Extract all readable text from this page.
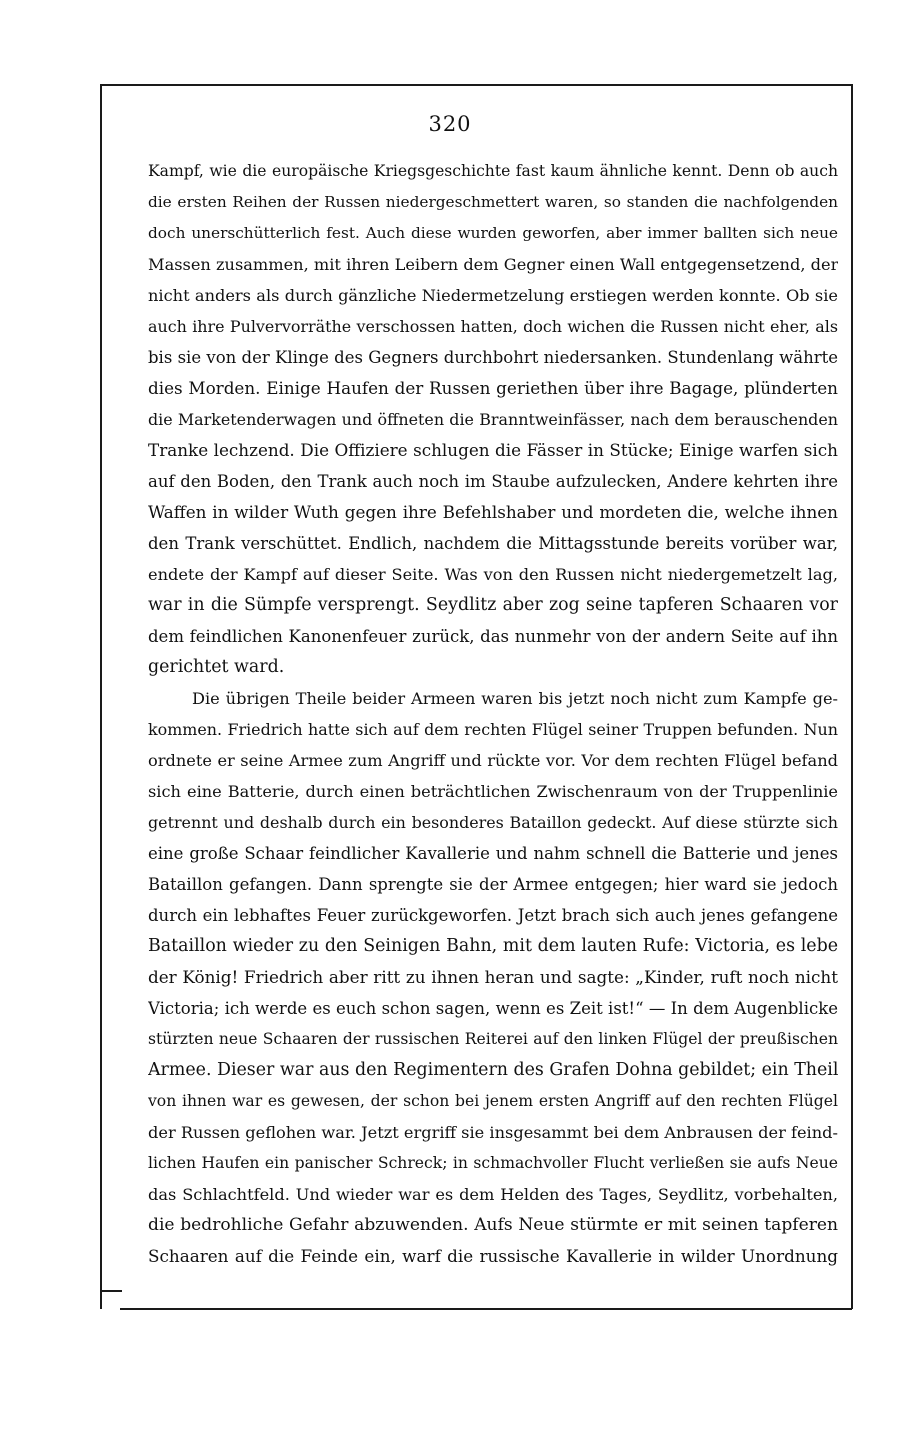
320
Kampf, wie die europäische Kriegsgeschichte fast kaum ähnliche kennt. Denn ob auch
die ersten Reihen der Russen niedergeschmettert waren, so standen die nachfolgenden
doch unerschütterlich fest. Auch diese wurden geworfen, aber immer ballten sich neue
Massen zusammen, mit ihren Leibern dem Gegner einen Wall entgegensetzend, der
nicht anders als durch gänzliche Niedermetzelung erstiegen werden konnte. Ob sie
auch ihre Pulvervorräthe verschossen hatten, doch wichen die Russen nicht eher, als
bis sie von der Klinge des Gegners durchbohrt niedersanken. Stundenlang währte
dies Morden. Einige Haufen der Russen geriethen über ihre Bagage, plünderten
die Marketenderwagen und öffneten die Branntweinfässer, nach dem berauschenden
Tranke lechzend. Die Offiziere schlugen die Fässer in Stücke; Einige warfen sich
auf den Boden, den Trank auch noch im Staube aufzulecken, Andere kehrten ihre
Waffen in wilder Wuth gegen ihre Befehlshaber und mordeten die, welche ihnen
den Trank verschüttet. Endlich, nachdem die Mittagsstunde bereits vorüber war,
endete der Kampf auf dieser Seite. Was von den Russen nicht niedergemetzelt lag,
war in die Sümpfe versprengt. Seydlitz aber zog seine tapferen Schaaren vor
dem feindlichen Kanonenfeuer zurück, das nunmehr von der andern Seite auf ihn
gerichtet ward.
Die übrigen Theile beider Armeen waren bis jetzt noch nicht zum Kampfe ge-
kommen. Friedrich hatte sich auf dem rechten Flügel seiner Truppen befunden. Nun
ordnete er seine Armee zum Angriff und rückte vor. Vor dem rechten Flügel befand
sich eine Batterie, durch einen beträchtlichen Zwischenraum von der Truppenlinie
getrennt und deshalb durch ein besonderes Bataillon gedeckt. Auf diese stürzte sich
eine große Schaar feindlicher Kavallerie und nahm schnell die Batterie und jenes
Bataillon gefangen. Dann sprengte sie der Armee entgegen; hier ward sie jedoch
durch ein lebhaftes Feuer zurückgeworfen. Jetzt brach sich auch jenes gefangene
Bataillon wieder zu den Seinigen Bahn, mit dem lauten Rufe: Victoria, es lebe
der König! Friedrich aber ritt zu ihnen heran und sagte: „Kinder, ruft noch nicht
Victoria; ich werde es euch schon sagen, wenn es Zeit ist!“ — In dem Augenblicke
stürzten neue Schaaren der russischen Reiterei auf den linken Flügel der preußischen
Armee. Dieser war aus den Regimentern des Grafen Dohna gebildet; ein Theil
von ihnen war es gewesen, der schon bei jenem ersten Angriff auf den rechten Flügel
der Russen geflohen war. Jetzt ergriff sie insgesammt bei dem Anbrausen der feind-
lichen Haufen ein panischer Schreck; in schmachvoller Flucht verließen sie aufs Neue
das Schlachtfeld. Und wieder war es dem Helden des Tages, Seydlitz, vorbehalten,
die bedrohliche Gefahr abzuwenden. Aufs Neue stürmte er mit seinen tapferen
Schaaren auf die Feinde ein, warf die russische Kavallerie in wilder Unordnung
